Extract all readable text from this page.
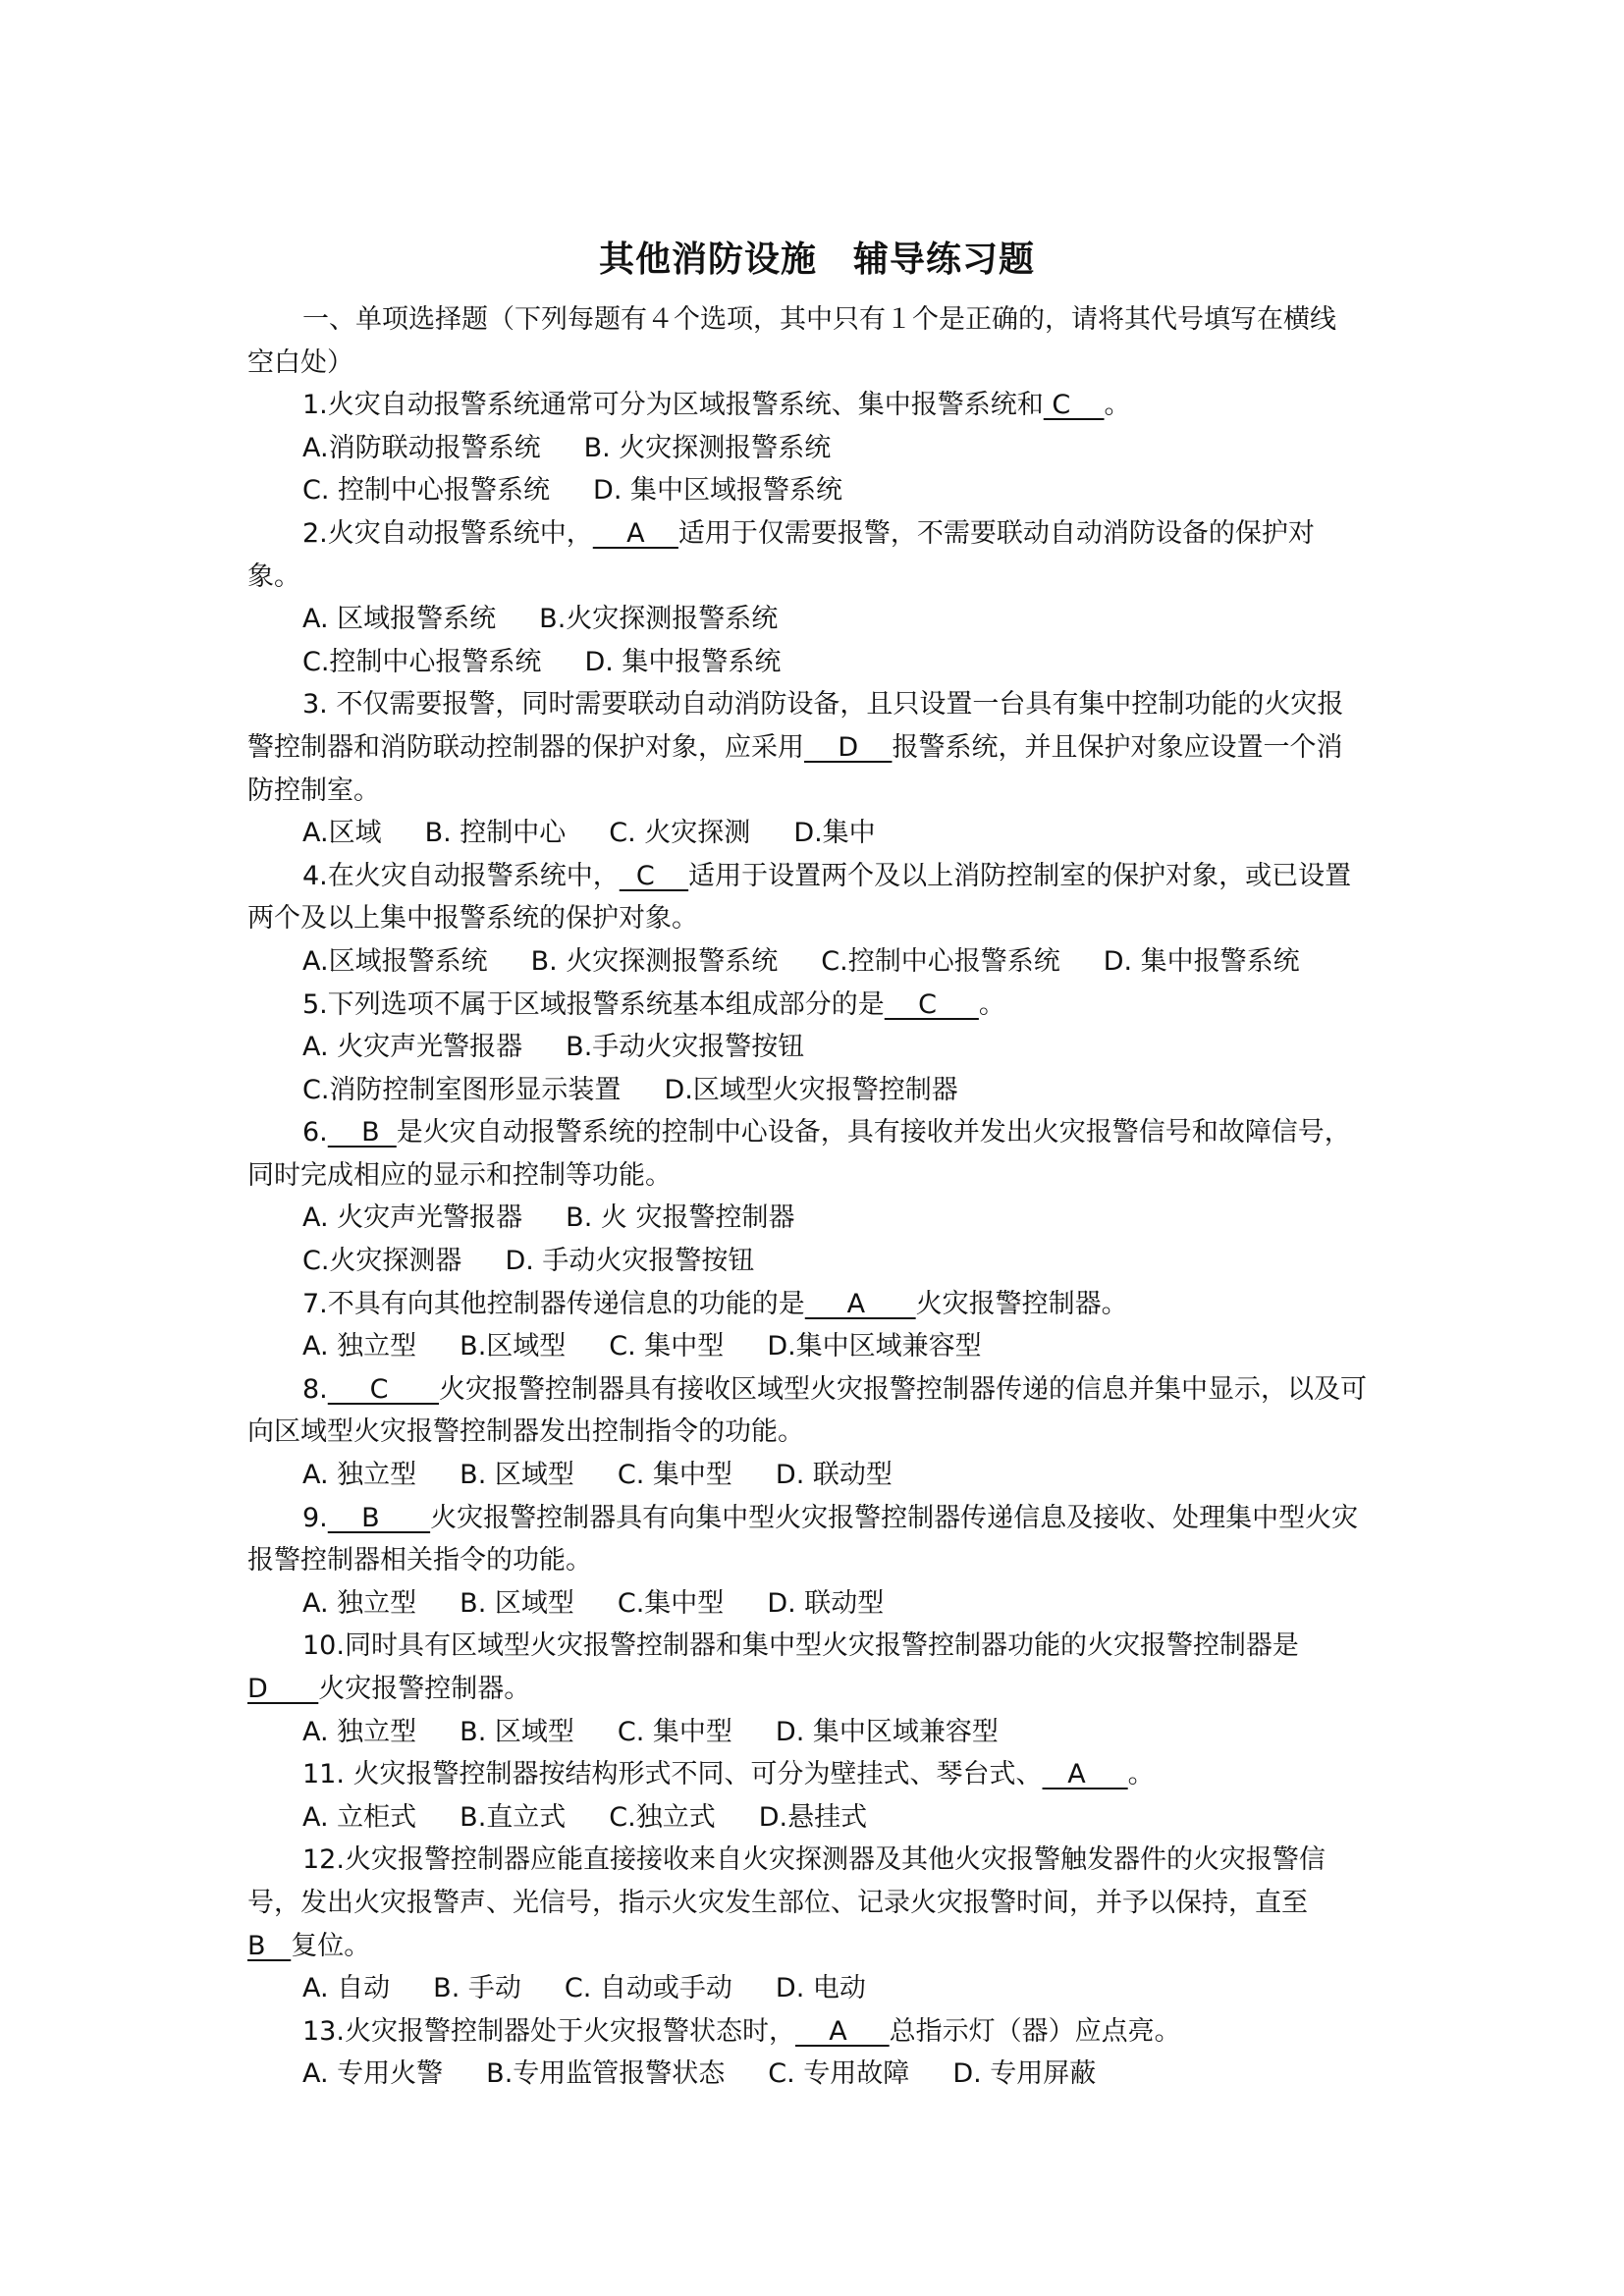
其他消防设施　辅导练习题
一、单项选择题（下列每题有４个选项，其中只有１个是正确的，请将其代号填写在横线
空白处）
1.火灾自动报警系统通常可分为区域报警系统、集中报警系统和 C    。
A.消防联动报警系统 B. 火灾探测报警系统
C. 控制中心报警系统 D. 集中区域报警系统
2.火灾自动报警系统中，    A    适用于仅需要报警，不需要联动自动消防设备的保护对
象。
A. 区域报警系统 B.火灾探测报警系统
C.控制中心报警系统 D. 集中报警系统
3. 不仅需要报警，同时需要联动自动消防设备，且只设置一台具有集中控制功能的火灾报
警控制器和消防联动控制器的保护对象，应采用    D    报警系统，并且保护对象应设置一个消
防控制室。
A.区域 B. 控制中心 C. 火灾探测 D.集中
4.在火灾自动报警系统中，  C    适用于设置两个及以上消防控制室的保护对象，或已设置
两个及以上集中报警系统的保护对象。
A.区域报警系统 B. 火灾探测报警系统 C.控制中心报警系统 D. 集中报警系统
5.下列选项不属于区域报警系统基本组成部分的是    C     。
A. 火灾声光警报器 B.手动火灾报警按钮
C.消防控制室图形显示装置 D.区域型火灾报警控制器
6.    B  是火灾自动报警系统的控制中心设备，具有接收并发出火灾报警信号和故障信号，
同时完成相应的显示和控制等功能。
A. 火灾声光警报器 B. 火 灾报警控制器
C.火灾探测器 D. 手动火灾报警按钮
7.不具有向其他控制器传递信息的功能的是     A      火灾报警控制器。
A. 独立型 B.区域型 C. 集中型 D.集中区域兼容型
8.     C      火灾报警控制器具有接收区域型火灾报警控制器传递的信息并集中显示，以及可
向区域型火灾报警控制器发出控制指令的功能。
A. 独立型 B. 区域型 C. 集中型 D. 联动型
9.    B      火灾报警控制器具有向集中型火灾报警控制器传递信息及接收、处理集中型火灾
报警控制器相关指令的功能。
A. 独立型 B. 区域型 C.集中型 D. 联动型
10.同时具有区域型火灾报警控制器和集中型火灾报警控制器功能的火灾报警控制器是
D      火灾报警控制器。
A. 独立型 B. 区域型 C. 集中型 D. 集中区域兼容型
11. 火灾报警控制器按结构形式不同、可分为壁挂式、琴台式、   A     。
A. 立柜式 B.直立式 C.独立式 D.悬挂式
12.火灾报警控制器应能直接接收来自火灾探测器及其他火灾报警触发器件的火灾报警信
号，发出火灾报警声、光信号，指示火灾发生部位、记录火灾报警时间，并予以保持，直至
B   复位。
A. 自动 B. 手动 C. 自动或手动 D. 电动
13.火灾报警控制器处于火灾报警状态时，    A     总指示灯（器）应点亮。
A. 专用火警 B.专用监管报警状态 C. 专用故障 D. 专用屏蔽
